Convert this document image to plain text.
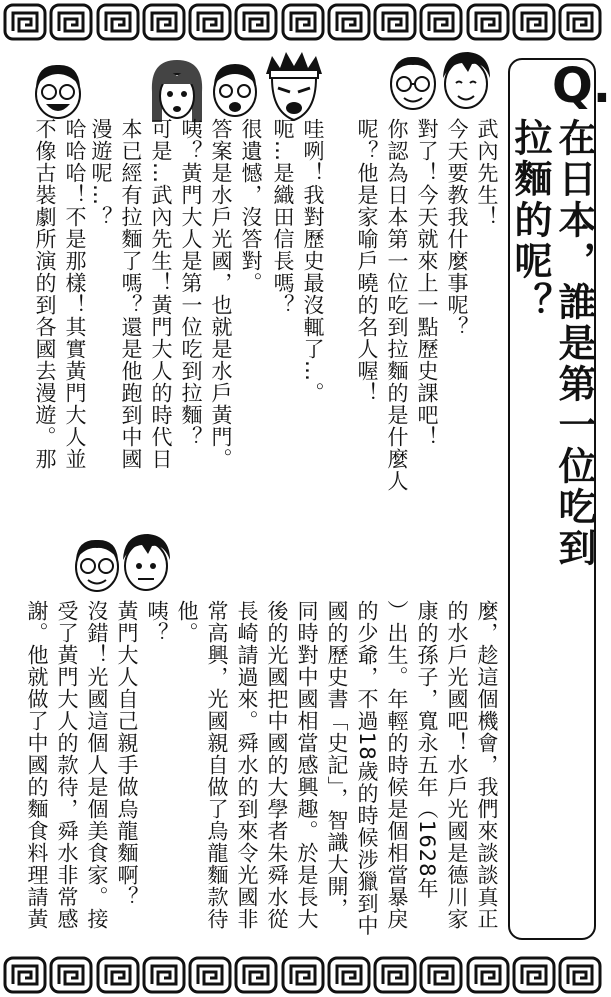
Q.
在日本，誰是第一位吃到
拉麵的呢？
武內先生！
今天要教我什麼事呢？
對了！今天就來上一點歷史課吧！
你認為日本第一位吃到拉麵的是什麼人
呢？他是家喻戶曉的名人喔！
哇咧！我對歷史最沒輒了…。
呃…是織田信長嗎？
很遺憾，沒答對。
答案是水戶光國，也就是水戶黃門。
咦？黃門大人是第一位吃到拉麵？
可是…武內先生！黃門大人的時代日
本已經有拉麵了嗎？還是他跑到中國
漫遊呢…？
哈哈哈！不是那樣！其實黃門大人並
不像古裝劇所演的到各國去漫遊。那
麼，趁這個機會，我們來談談真正
的水戶光國吧！水戶光國是德川家
康的孫子，寬永五年（1628年
）出生。年輕的時候是個相當暴戾
的少爺，不過18歲的時候涉獵到中
國的歷史書「史記」，智識大開，
同時對中國相當感興趣。於是長大
後的光國把中國的大學者朱舜水從
長崎請過來。舜水的到來令光國非
常高興，光國親自做了烏龍麵款待
他。
咦？
黃門大人自己親手做烏龍麵啊？
沒錯！光國這個人是個美食家。接
受了黃門大人的款待，舜水非常感
謝。他就做了中國的麵食料理請黃
